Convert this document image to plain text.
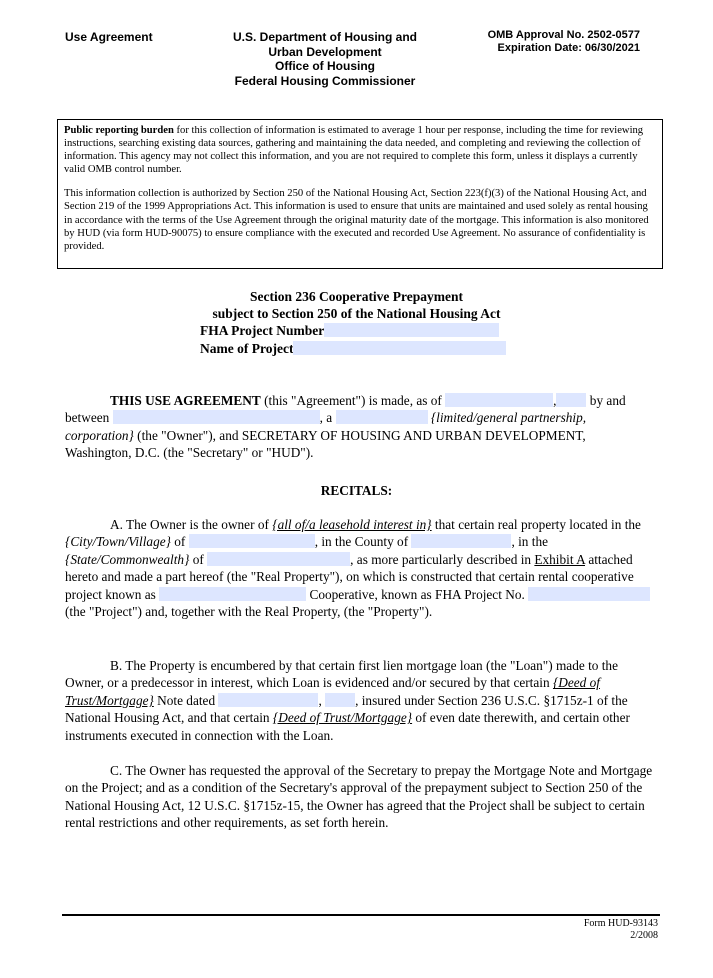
Use Agreement	U.S. Department of Housing and
Urban Development
Office of Housing
Federal Housing Commissioner
OMB Approval No. 2502-0577
Expiration Date: 06/30/2021

Public reporting burden for this collection of information is estimated to average 1 hour per response, including the time for reviewing instructions, searching existing data sources, gathering and maintaining the data needed, and completing and reviewing the collection of information. This agency may not collect this information, and you are not required to complete this form, unless it displays a currently valid OMB control number.

This information collection is authorized by Section 250 of the National Housing Act, Section 223(f)(3) of the National Housing Act, and Section 219 of the 1999 Appropriations Act. This information is used to ensure that units are maintained and used solely as rental housing in accordance with the terms of the Use Agreement through the original maturity date of the mortgage. This information is also monitored by HUD (via form HUD-90075) to ensure compliance with the executed and recorded Use Agreement. No assurance of confidentiality is provided.

Section 236 Cooperative Prepayment
subject to Section 250 of the National Housing Act
FHA Project Number
Name of Project
THIS USE AGREEMENT (this "Agreement") is made, as of	, by and between	, a	{limited/general partnership, corporation} (the "Owner"), and SECRETARY OF HOUSING AND URBAN DEVELOPMENT, Washington, D.C. (the "Secretary" or "HUD").
RECITALS:
A. The Owner is the owner of {all of/a leasehold interest in} that certain real property located in the {City/Town/Village} of	, in the County of	, in the {State/Commonwealth} of	, as more particularly described in Exhibit A attached hereto and made a part hereof (the "Real Property"), on which is constructed that certain rental cooperative project known as	Cooperative, known as FHA Project No.  (the "Project") and, together with the Real Property, (the "Property").
B. The Property is encumbered by that certain first lien mortgage loan (the "Loan") made to the Owner, or a predecessor in interest, which Loan is evidenced and/or secured by that certain {Deed of Trust/Mortgage} Note dated	, , insured under Section 236 U.S.C. §1715z-1 of the National Housing Act, and that certain {Deed of Trust/Mortgage} of even date therewith, and certain other instruments executed in connection with the Loan.
C. The Owner has requested the approval of the Secretary to prepay the Mortgage Note and Mortgage on the Project; and as a condition of the Secretary's approval of the prepayment subject to Section 250 of the National Housing Act, 12 U.S.C. §1715z-15, the Owner has agreed that the Project shall be subject to certain rental restrictions and other requirements, as set forth herein.
Form HUD-93143
2/2008
